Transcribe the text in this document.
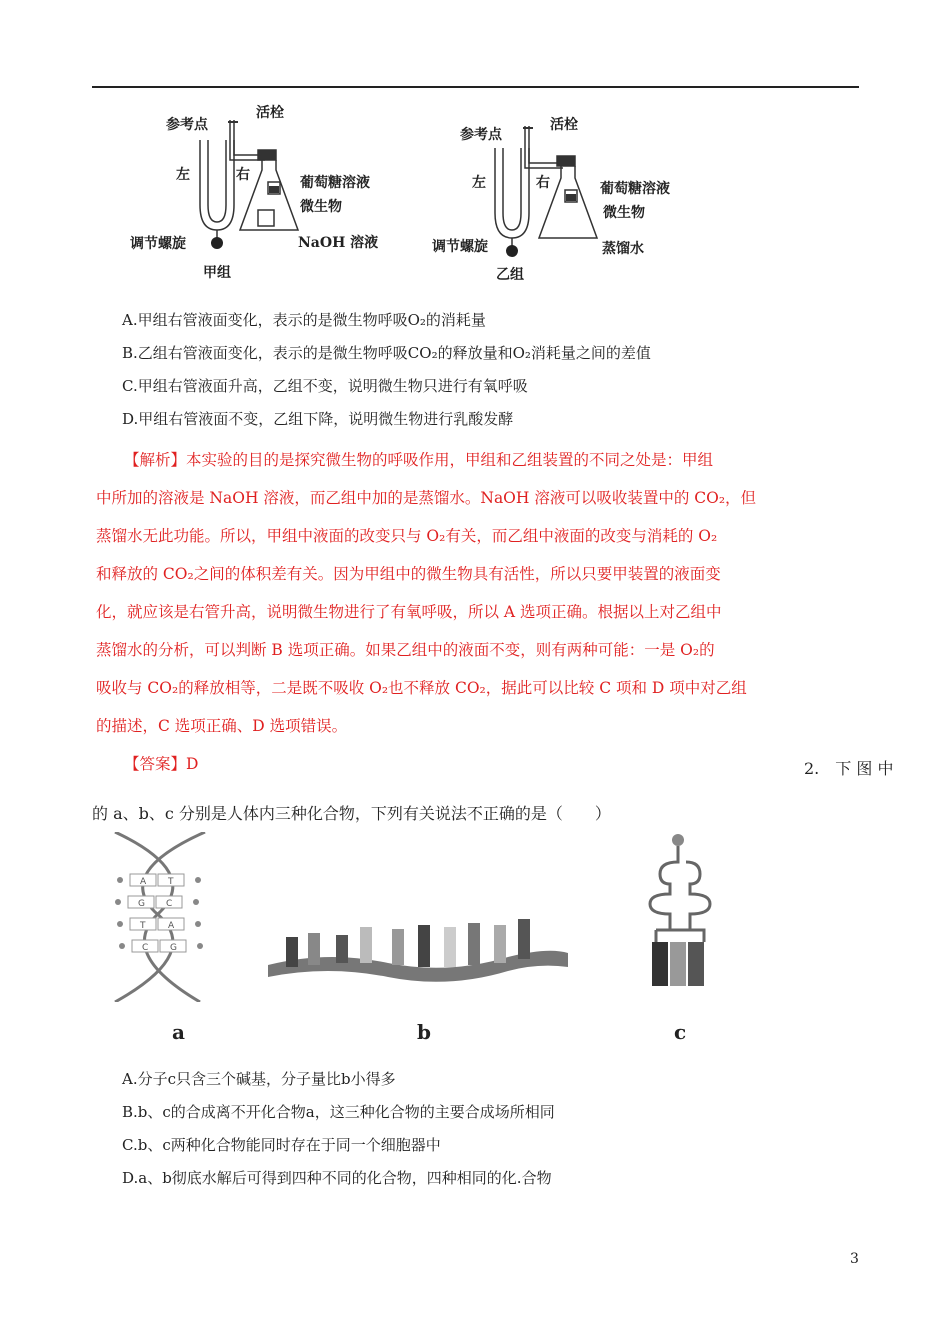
参考点
活栓
左	右	葡萄糖溶液
微生物
NaOH 溶液
调节螺旋
甲组
参考点
活栓
左	右	葡萄糖溶液
微生物
蒸馏水
调节螺旋
乙组
A.甲组右管液面变化，表示的是微生物呼吸O₂的消耗量
B.乙组右管液面变化，表示的是微生物呼吸CO₂的释放量和O₂消耗量之间的差值
C.甲组右管液面升高，乙组不变，说明微生物只进行有氧呼吸
D.甲组右管液面不变，乙组下降，说明微生物进行乳酸发酵
【解析】本实验的目的是探究微生物的呼吸作用，甲组和乙组装置的不同之处是：甲组
中所加的溶液是 NaOH 溶液，而乙组中加的是蒸馏水。NaOH 溶液可以吸收装置中的 CO₂，但
蒸馏水无此功能。所以，甲组中液面的改变只与 O₂有关，而乙组中液面的改变与消耗的 O₂
和释放的 CO₂之间的体积差有关。因为甲组中的微生物具有活性，所以只要甲装置的液面变
化，就应该是右管升高，说明微生物进行了有氧呼吸，所以 A 选项正确。根据以上对乙组中
蒸馏水的分析，可以判断 B 选项正确。如果乙组中的液面不变，则有两种可能：一是 O₂的
吸收与 CO₂的释放相等，二是既不吸收 O₂也不释放 CO₂，据此可以比较 C 项和 D 项中对乙组
的描述，C 选项正确、D 选项错误。
【答案】D	2.　下 图 中
的 a、b、c 分别是人体内三种化合物，下列有关说法不正确的是（　　）
A T
G C
T	A
C G
a	b	c
A.分子c只含三个碱基，分子量比b小得多
B.b、c的合成离不开化合物a，这三种化合物的主要合成场所相同
C.b、c两种化合物能同时存在于同一个细胞器中
D.a、b彻底水解后可得到四种不同的化合物，四种相同的化.合物
3
